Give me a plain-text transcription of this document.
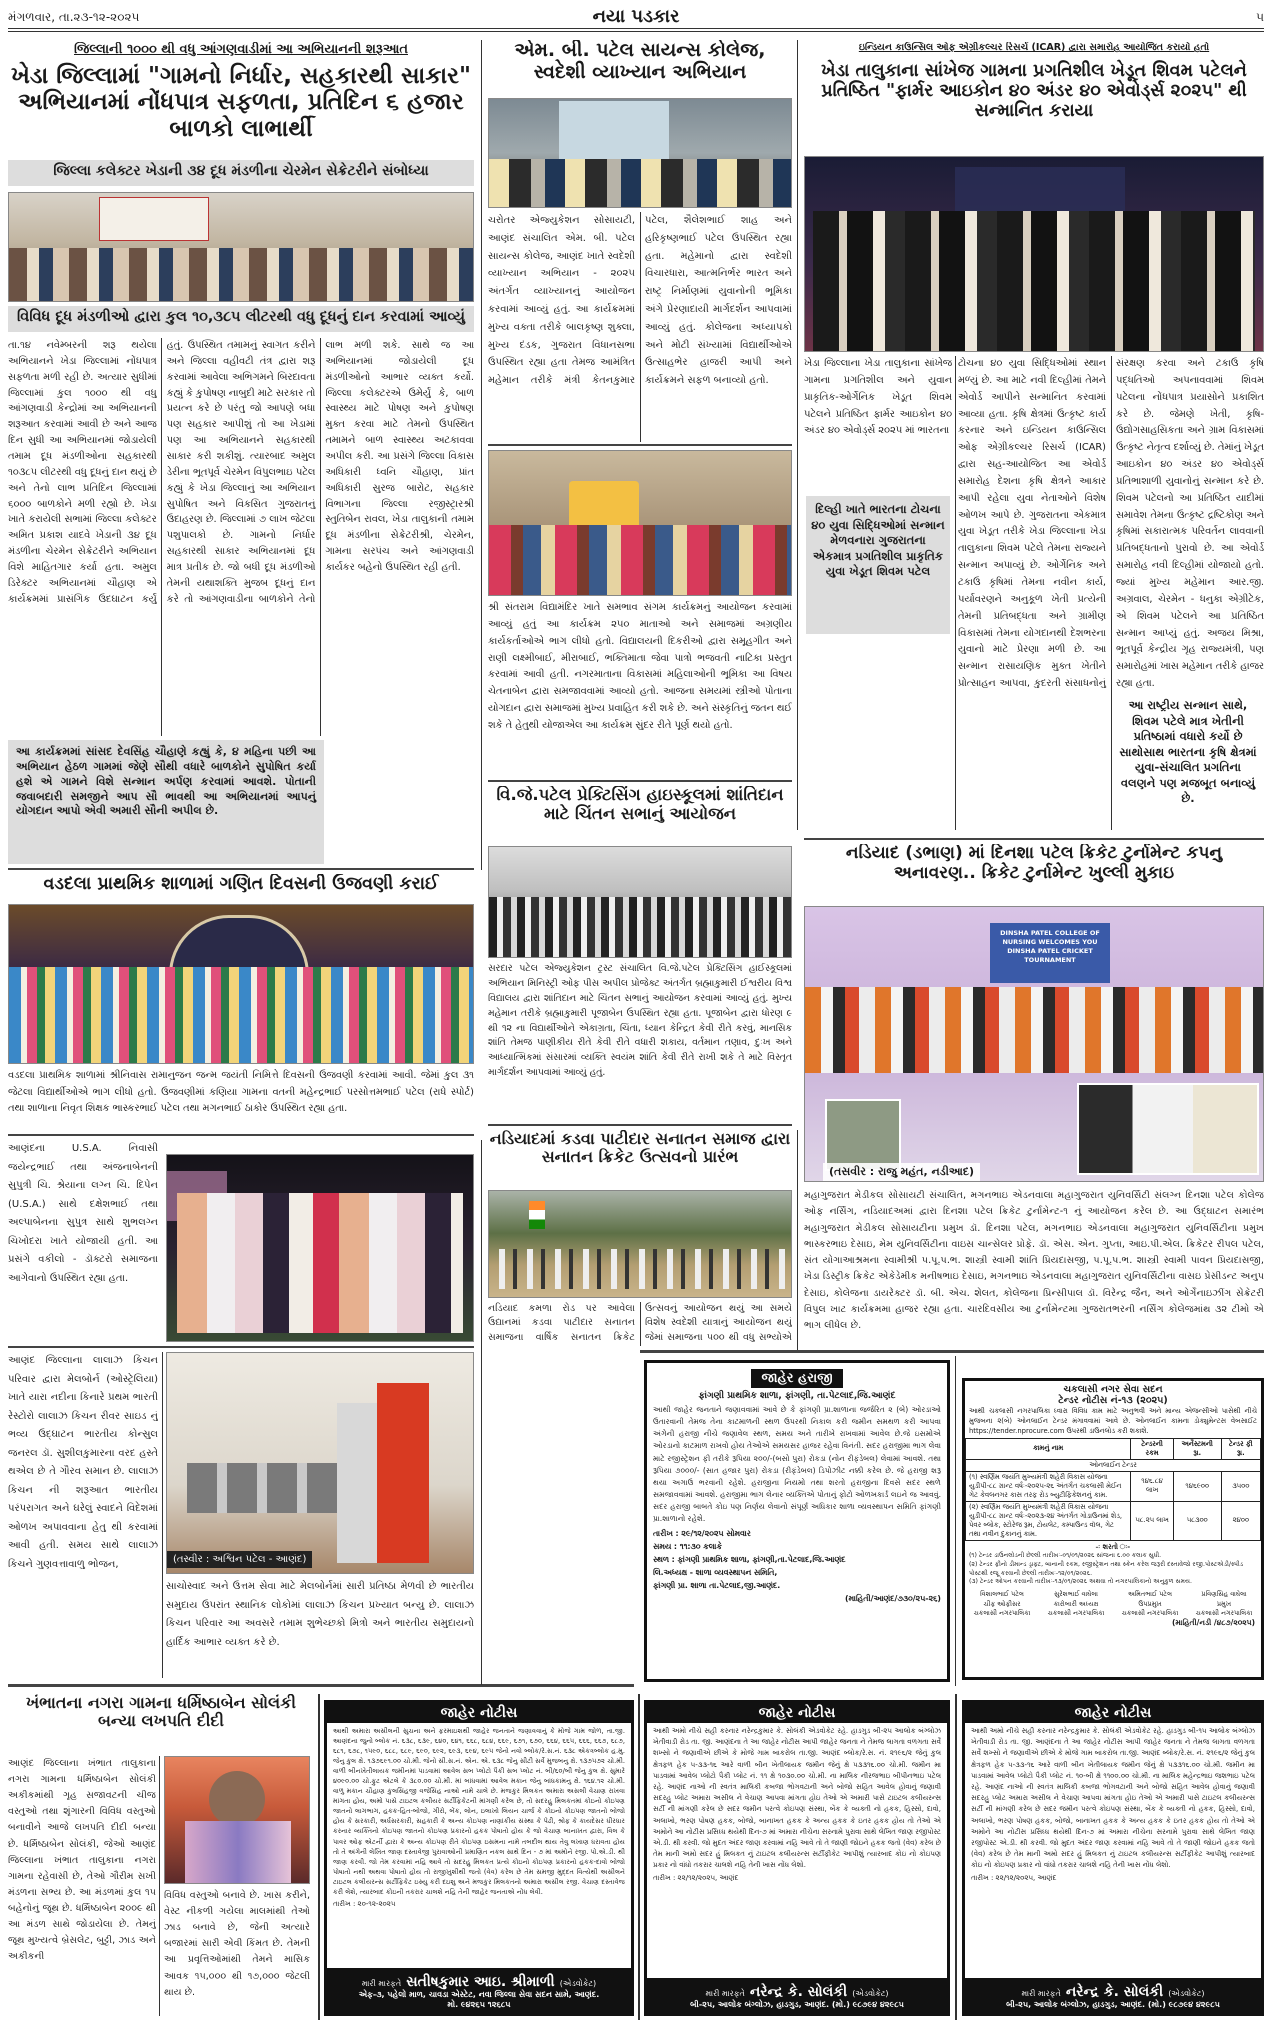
મંગળવાર, તા.૨૩-૧૨-૨૦૨૫	નયા પડકાર	૫
જિલ્લાની ૧૦૦૦ થી વધુ આંગણવાડીમાં આ અભિયાનની શરૂઆત
ખેડા જિલ્લામાં "ગામનો નિર્ધાર, સહકારથી સાકાર" અભિયાનમાં નોંધપાત્ર સફળતા, પ્રતિદિન ૬ હજાર બાળકો લાભાર્થી
જિલ્લા કલેક્ટર ખેડાની ૩૪ દૂધ મંડળીના ચેરમેન સેક્રેટરીને સંબોધ્યા
વિવિધ દૂધ મંડળીઓ દ્વારા કુલ ૧૦,૩૮૫ લીટરથી વધુ દૂધનું દાન કરવામાં આવ્યું
તા.૧૪ નવેમ્બરની શરૂ થયેલા અભિયાનને ખેડા જિલ્લામાં નોંધપાત્ર સફળતા મળી રહી છે. અત્યાર સુધીમાં જિલ્લામાં કુલ ૧૦૦૦ થી વધુ આંગણવાડી કેન્દ્રોમાં આ અભિયાનની શરૂઆત કરવામાં આવી છે અને આજ દિન સુધી આ અભિયાનમાં જોડાયેલી તમામ દૂધ મંડળીઓના સહકારથી ૧૦૩૮૫ લીટરથી વધુ દૂધનું દાન થયું છે અને તેનો લાભ પ્રતિદિન જિલ્લામાં ૬૦૦૦ બાળકોને મળી રહ્યો છે. ખેડા ખાતે કરાયેલી સભામાં જિલ્લા કલેક્ટર અમિત પ્રકાશ યાદવે ખેડાની ૩૪ દૂધ મંડળીના ચેરમેન સેક્રેટરીને અભિયાન વિશે માહિતગાર કર્યા હતા. અમુલ ડિરેક્ટર અભિયાનમાં ચૌહાણ એ કાર્યક્રમમાં પ્રાસંગિક ઉદઘાટન કર્યું હતું. ઉપસ્થિત તમામનું સ્વાગત કરીને અને જિલ્લા વહીવટી તંત્ર દ્વારા શરૂ કરવામાં આવેલા અભિગમને બિરદાવતા કહ્યું કે કુપોષણ નાબુદી માટે સરકાર તો પ્રયત્ન કરે છે પરંતુ જો આપણે બધા પણ સહકાર આપીશું તો આ ખેડામાં પણ આ અભિયાનને સહકારથી સાકાર કરી શકીશું. ત્યારબાદ અમુલ ડેરીના ભૂતપૂર્વ ચેરમેન વિપુલભાઇ પટેલ કહ્યું કે ખેડા જિલ્લાનું આ અભિયાન સુપોષિત અને વિકસિત ગુજરાતનું ઉદાહરણ છે. જિલ્લામાં ૭ લાખ જેટલા પશુપાલકો છે. ગામનો નિર્ધાર સહકારથી સાકાર અભિયાનમાં દૂધ માત્ર પ્રતીક છે. જો બધી દૂધ મંડળીઓ તેમની યથાશક્તિ મુજબ દૂધનું દાન કરે તો આંગણવાડીના બાળકોને તેનો લાભ મળી શકે. સાથે જ આ અભિયાનમાં જોડાયેલી દૂધ મંડળીઓનો આભાર વ્યક્ત કર્યો. જિલ્લા કલેક્ટરએ ઉમેર્યું કે, બાળ સ્વાસ્થ્ય માટે પોષણ અને કુપોષણ મુક્ત કરવા માટે તેમનો ઉપસ્થિત તમામને બાળ સ્વાસ્થ્ય અટકાવવા અપીલ કરી. આ પ્રસંગે જિલ્લા વિકાસ અધિકારી ધ્વનિ ચૌહાણ, પ્રાંત અધિકારી સુરજ બારોટ, સહકાર વિભાગના જિલ્લા રજીસ્ટ્રારશ્રી સ્તુતિબેન રાવલ, ખેડા તાલુકાની તમામ દૂધ મંડળીના સેક્રેટરીશ્રી, ચેરમેન, ગામના સરપંચ અને આંગણવાડી કાર્યકર બહેનો ઉપસ્થિત રહી હતી.
આ કાર્યક્રમમાં સાંસદ દેવસિંહ ચૌહાણે કહ્યું કે, ૪ મહિના પછી આ અભિયાન હેઠળ ગામમાં જેણે સૌથી વધારે બાળકોને સુપોષિત કર્યા હશે એ ગામને વિશે સન્માન અર્પણ કરવામાં આવશે. પોતાની જવાબદારી સમજીને આપ સૌ ભાવથી આ અભિયાનમાં આપનું યોગદાન આપો એવી અમારી સૌની અપીલ છે.
એમ. બી. પટેલ સાયન્સ કોલેજ, સ્વદેશી વ્યાખ્યાન અભિયાન
ચરોતર એજ્યુકેશન સોસાયટી, આણંદ સંચાલિત એમ. બી. પટેલ સાયન્સ કોલેજ, આણંદ ખાતે સ્વદેશી વ્યાખ્યાન અભિયાન - ૨૦૨૫ અંતર્ગત વ્યાખ્યાનનું આયોજન કરવામાં આવ્યું હતું. આ કાર્યક્રમમાં મુખ્ય વક્તા તરીકે બાલકૃષ્ણ શુક્લા, મુખ્ય દંડક, ગુજરાત વિધાનસભા ઉપસ્થિત રહ્યા હતા તેમજ આમંત્રિત મહેમાન તરીકે મંત્રી કેતનકુમાર પટેલ, શૈલેશભાઈ શાહ અને હરિકૃષ્ણભાઈ પટેલ ઉપસ્થિત રહ્યા હતા. મહેમાનો દ્વારા સ્વદેશી વિચારધારા, આત્મનિર્ભર ભારત અને રાષ્ટ્ર નિર્માણમાં યુવાનોની ભૂમિકા અંગે પ્રેરણાદાયી માર્ગદર્શન આપવામાં આવ્યું હતું. કોલેજના અધ્યાપકો અને મોટી સંખ્યામાં વિદ્યાર્થીઓએ ઉત્સાહભેર હાજરી આપી અને કાર્યક્રમને સફળ બનાવ્યો હતો.
શ્રી સંતરામ વિદ્યામંદિર ખાતે સમભાવ સંગમ કાર્યક્રમનું આયોજન કરવામાં આવ્યું હતું આ કાર્યક્રમ ૨૫૦ માતાઓ અને સમાજમાં અગ્રણીય કાર્યકર્તાઓએ ભાગ લીધો હતો. વિદ્યાલયની દિકરીઓ દ્વારા સમૂહગીત અને રાણી લક્ષ્મીબાઈ, મીરાબાઈ, ભક્તિમાતા જેવા પાત્રો ભજવતી નાટિકા પ્રસ્તુત કરવામાં આવી હતી. નગરમાતાના વિકાસમાં મહિલાઓની ભૂમિકા આ વિષય ચેતનાબેન દ્વારા સમજાવવામાં આવ્યો હતો. આજના સમયમાં સ્ત્રીઓ પોતાના યોગદાન દ્વારા સમાજમાં મુખ્ય પ્રવાહિત કરી શકે છે. અને સંસ્કૃતિનું જતન થઈ શકે તે હેતુથી યોજાએલ આ કાર્યક્રમ સુંદર રીતે પૂર્ણ થયો હતો.
વિ.જે.પટેલ પ્રેક્ટિસિંગ હાઇસ્કૂલમાં શાંતિદાન માટે ચિંતન સભાનું આયોજન
સરદાર પટેલ એજ્યુકેશન ટ્રસ્ટ સંચાલિત વિ.જે.પટેલ પ્રેક્ટિસિંગ હાઈસ્કૂલમાં અભિયાન મિનિસ્ટ્રી ઓફ પીસ અપીલ પ્રોજેક્ટ અંતર્ગત બ્રહ્માકુમારી ઈશ્વરીય વિશ્વ વિદ્યાલય દ્વારા શાંતિદાન માટે ચિંતન સભાનું આયોજન કરવામાં આવ્યું હતું. મુખ્ય મહેમાન તરીકે બ્રહ્માકુમારી પૂજાબેન ઉપસ્થિત રહ્યા હતા. પૂજાબેન દ્વારા ધોરણ ૯ થી ૧૨ ના વિદ્યાર્થીઓને એકાગ્રતા, ચિંતા, ધ્યાન કેન્દ્રિત કેવી રીતે કરવું, માનસિક શાંતિ તેમજ પાણીકીય રીતે કેવી રીતે વધારી શકાય, વર્તમાન તણાવ, દુઃખ અને આધ્યાત્મિકમાં સંસારમાં વ્યક્તિ સ્વયંમ શાંતિ કેવી રીતે રાખી શકે તે માટે વિસ્તૃત માર્ગદર્શન આપવામાં આવ્યું હતું.
નડિયાદમાં કડવા પાટીદાર સનાતન સમાજ દ્વારા સનાતન ક્રિકેટ ઉત્સવનો પ્રારંભ
નડિયાદ કમળા રોડ પર આવેલા ઉદ્યાનમાં કડવા પાટીદાર સનાતન સમાજના વાર્ષિક સનાતન ક્રિકેટ ઉત્સવનું આયોજન થયું આ સમયે વિશેષ સ્વદેશી યાત્રાનું આયોજન થયું જેમાં સમાજના ૫૦૦ થી વધુ સભ્યોએ
ઇન્ડિયન કાઉન્સિલ ઓફ એગ્રીકલ્ચર રિસર્ચ (ICAR) દ્વારા સમારોહ આયોજિત કરાયો હતો
ખેડા તાલુકાના સાંખેજ ગામના પ્રગતિશીલ ખેડૂત શિવમ પટેલને પ્રતિષ્ઠિત "ફાર્મર આઇકોન ૪૦ અંડર ૪૦ એવોર્ડ્સ ૨૦૨૫" થી સન્માનિત કરાયા
ખેડા જિલ્લાના ખેડા તાલુકાના સાંખેજ ગામના પ્રગતિશીલ અને યુવાન પ્રાકૃતિક-ઓર્ગેનિક ખેડૂત શિવમ પટેલને પ્રતિષ્ઠિત ફાર્મર આઇકોન ૪૦ અંડર ૪૦ એવોર્ડ્સ ૨૦૨૫ માં ભારતના
દિલ્હી ખાતે ભારતના ટોચના ૪૦ યુવા સિદ્ધિઓમાં સન્માન મેળવનારા ગુજરાતના એકમાત્ર પ્રગતિશીલ પ્રાકૃતિક યુવા ખેડૂત શિવમ પટેલ
ટોચના ૪૦ યુવા સિદ્ધિઓમાં સ્થાન મળ્યું છે. આ માટે નવી દિલ્હીમાં તેમને એવોર્ડ આપીને સન્માનિત કરવામાં આવ્યા હતા. કૃષિ ક્ષેત્રમાં ઉત્કૃષ્ટ કાર્ય કરનાર અને ઇન્ડિયન કાઉન્સિલ ઓફ એગ્રીકલ્ચર રિસર્ચ (ICAR) દ્વારા સહ-આયોજિત આ એવોર્ડ સમારોહ દેશના કૃષિ ક્ષેત્રને આકાર આપી રહેલા યુવા નેતાઓને વિશેષ ઓળખ આપે છે. ગુજરાતના એકમાત્ર યુવા ખેડૂત તરીકે ખેડા જિલ્લાના ખેડા તાલુકાના શિવમ પટેલે તેમના રાજ્યને સન્માન અપાવ્યું છે. ઓર્ગેનિક અને ટકાઉ કૃષિમાં તેમના નવીન કાર્ય, પર્યાવરણને અનુકૂળ ખેતી પ્રત્યેની તેમની પ્રતિબદ્ધતા અને ગ્રામીણ વિકાસમાં તેમના યોગદાનથી દેશભરના યુવાનો માટે પ્રેરણા મળી છે. આ સન્માન રાસાયણિક મુક્ત ખેતીને પ્રોત્સાહન આપવા, કુદરતી સંસાધનોનું સંરક્ષણ કરવા અને ટકાઉ કૃષિ પદ્ધતિઓ અપનાવવામાં શિવમ પટેલના નોંધપાત્ર પ્રયાસોને પ્રકાશિત કરે છે. જેમણે ખેતી, કૃષિ-ઉદ્યોગસાહસિકતા અને ગ્રામ વિકાસમાં ઉત્કૃષ્ટ નેતૃત્વ દર્શાવ્યું છે. તેમાંનું ખેડૂત આઇકોન ૪૦ અંડર ૪૦ એવોર્ડ્સ પ્રતિભાશાળી યુવાનોનું સન્માન કરે છે. શિવમ પટેલનો આ પ્રતિષ્ઠિત યાદીમાં સમાવેશ તેમના ઉત્કૃષ્ટ દ્રષ્ટિકોણ અને કૃષિમાં સકારાત્મક પરિવર્તન લાવવાની પ્રતિબદ્ધતાનો પુરાવો છે. આ એવોર્ડ સમારોહ નવી દિલ્હીમાં યોજાયો હતો. જ્યાં મુખ્ય મહેમાન આર.જી. અગ્રવાલ, ચેરમેન - ધનુકા એગ્રીટેક, એ શિવમ પટેલને આ પ્રતિષ્ઠિત સન્માન આપ્યું હતું. અજય મિશ્રા, ભૂતપૂર્વ કેન્દ્રીય ગૃહ રાજ્યમંત્રી, પણ સમારોહમાં ખાસ મહેમાન તરીકે હાજર રહ્યા હતા.
આ રાષ્ટ્રીય સન્માન સાથે, શિવમ પટેલે માત્ર ખેતીની પ્રતિષ્ઠામાં વધારો કર્યો છે સાથોસાથ ભારતના કૃષિ ક્ષેત્રમાં યુવા-સંચાલિત પ્રગતિના વલણને પણ મજબૂત બનાવ્યું છે.
નડિયાદ (ડભાણ) માં દિનશા પટેલ ક્રિકેટ ટુર્નામેન્ટ કપનુ અનાવરણ.. ક્રિકેટ ટુર્નામેન્ટ ખુલ્લી મુકાઇ
DINSHA PATEL COLLEGE OF NURSING WELCOMES YOU DINSHA PATEL CRICKET TOURNAMENT
(તસવીર : રાજુ મહંત, નડીઆદ)
મહાગુજરાત મેડીકલ સોસાયટી સંચાલિત, મગનભાઇ એડનવાલા મહાગુજરાત યુનિવર્સિટી સંલગ્ન દિનશા પટેલ કોલેજ ઓફ નર્સિંગ, નડિયાદઅમાં દ્વારા દિનશા પટેલ ક્રિકેટ ટુર્નામેન્ટ-૧ નું આયોજન કરેલ છે. આ ઉદ્ઘાટન સમારંભ મહાગુજરાત મેડીકલ સોસાયટીના પ્રમુખ ડૉ. દિનશા પટેલ, મગનભાઇ એડનવાલા મહાગુજરાત યુનિવર્સિટીના પ્રમુખ ભાસ્કરભાઇ દેસાઇ, મેમ યુનિવર્સિટીના વાઇસ ચાન્સેલર પ્રોફે. ડૉ. એસ. એન. ગુપ્તા, આઇ.પી.એલ. ક્રિકેટર રીપલ પટેલ, સંત યોગાઆશ્રમના સ્વામીશ્રી પ.પૂ.પ.ભ. શાસ્ત્રી સ્વામી શાંતિ પ્રિયદાસજી, પ.પૂ.પ.ભ. શાસ્ત્રી સ્વામી પાવન પ્રિયદાસજી, ખેડા ડિસ્ટ્રીક ક્રિકેટ એકેડેમીક મનીષભાઇ દેસાઇ, મગનભાઇ એડનવાલા મહાગુજરાત યુનિવર્સિટીના વાસઇ પ્રેસીડન્ટ અનુપ દેસાઇ, કોલેજના ડાયરેક્ટર ડૉ. બી. એચ. શેલત, કોલેજના પ્રિન્સીપાલ ડૉ. વિરેન્દ્ર જૈન, અને ઓર્ગેનાઇઝીંગ સેક્રેટરી વિપુલ ખાટ કાર્યક્રમમા હાજર રહ્યા હતા. ચારદિવસીય આ ટુર્નામેન્ટમા ગુજરાતભરની નર્સિંગ કોલેજમાંથ ૩૨ ટીમો એ ભાગ લીધેલ છે.
વડદલા પ્રાથમિક શાળામાં ગણિત દિવસની ઉજવણી કરાઈ
વડદલા પ્રાથમિક શાળામાં શ્રીનિવાસ રામાનુજન જન્મ જયંતી નિમિત્તે દિવસની ઉજવણી કરવામાં આવી. જેમાં કુલ ૩૧ જેટલા વિદ્યાર્થીઓએ ભાગ લીધો હતો. ઉજવણીમાં કણિયા ગામના વતની મહેન્દ્રભાઈ પરસોત્તમભાઈ પટેલ (રાધે સ્પોર્ટ) તથા શાળાના નિવૃત શિક્ષક ભાસ્કરભાઈ પટેલ તથા મગનભાઈ ઠાકોર ઉપસ્થિત રહ્યા હતા.
આણંદના U.S.A. નિવાસી જયેન્દ્રભાઈ તથા અંજનાબેનની સુપુત્રી ચિ. શ્રેયાના લગ્ન ચિ. દિપેન (U.S.A.) સાથે દક્ષેશભાઈ તથા અલ્પાબેનના સુપુત્ર સાથે શુભલગ્ન ચિખોદરા ખાતે યોજાયી હતી. આ પ્રસંગે વકીલો - ડૉક્ટરો સમાજના આગેવાનો ઉપસ્થિત રહ્યા હતા.
આણંદ જિલ્લાના લાલાઝ કિચન પરિવાર દ્વારા મેલબોર્ન (ઓસ્ટ્રેલિયા) ખાતે યારા નદીના કિનારે પ્રથમ ભારતી રેસ્ટોરો લાલાઝ કિચન રીવર સાઇડ નું ભવ્ય ઉદ્ઘાટન ભારતીય કોન્સુલ જનરલ ડૉ. સુશીલકુમારના વરદ હસ્તે થએલ છે તે ગૌરવ સમાન છે. લાલાઝ કિચન ની શરૂઆત ભારતીય પરંપરાગત અને ઘરેલું સ્વાદને વિદેશમાં ઓળખ અપાવવાના હેતુ થી કરવામાં આવી હતી. સમય સાથે લાલાઝ કિચને ગુણવત્તાવાળુ ભોજન,	(તસ્વીર : અશ્વિન પટેલ - આણંદ)
સાચોસ્વાદ અને ઉત્તમ સેવા માટે મેલબોર્નમાં સારી પ્રતિષ્ઠા મેળવી છે ભારતીય સમુદાય ઉપરાંત સ્થાનિક લોકોમાં લાલાઝ કિચન પ્રખ્યાત બન્યુ છે. લાલાઝ કિચન પરિવાર આ અવસરે તમામ શુભેચ્છકો મિત્રો અને ભારતીય સમુદાયનો હાર્દિક આભાર વ્યક્ત કરે છે.
જાહેર હરાજી
ફાંગણી પ્રાથમિક શાળા, ફાંગણી, તા.પેટલાદ,જિ.આણંદ
આથી જાહેર જનતાને જણાવવામાં આવે છે કે ફાંગણી પ્રા.શાળાના જર્જરિત ૨ (બે) ઓરડાઓ ઉતારવાની તેમજ તેના કાટમાળની સ્થળ ઉપરથી નિકાલ કરી જમીન સમથળ કરી આપવા અંગેની હરાજી નીચે જણાવેલ સ્થળ, સમય અને તારીખે રાખવામાં આવેલ છે.જે ઇસમોએ ઓરડાનો કાટમાળ રાખવો હોય તેઓએ સમયસર હાજર રહેવા વિનંતી. સદર હરાજીમા ભાગ લેવા માટે રજીસ્ટ્રેશન ફી તરીકે રૂપિયા ૨૦૦/-(બસો પુરા) રોકડા (નોન રીફંડેબલ) લેવામાં આવશે. તથા રૂપિયા ૭૦૦૦/- (સાત હજાર પુરા) રોકડા (રીફંડેબલ) ડિપોઝીટ નક્કી કરેલ છે. જે હરાજી શરૂ થયા અગાઉ ભરવાની રહેશે. હરાજીના નિયમો તથા શરતો હરાજીના દિવસે સદર સ્થળે સમજાવવામાં આવશે. હરાજીમા ભાગ લેનાર વ્યક્તિએ પોતાનું ફોટો ઓળખકાર્ડ લઇને જ આવવું. સદર હરાજી બાબતે કોઇ પણ નિર્ણય લેવાનો સંપૂર્ણ અધિકાર શાળા વ્યવસ્થાપન સમિતિ ફાંગણી પ્રા.શાળાનો રહેશે.
તારીખ : ૨૯/૧૨/૨૦૨૫ સોમવાર
સમય : ૧૧:૩૦ કલાકે
સ્થળ : ફાંગણી પ્રાથમિક શાળા, ફાંગણી,તા.પેટલાદ,જિ.આણંદ
લિ.અધ્યક્ષ - શાળા વ્યવસ્થાપન સમિતિ,
ફાંગણી પ્રા. શાળા તા.પેટલાદ,જી.આણંદ.
(માહિતી/આણંદ/૭૩૦/૨૫-૨૬)
ચકલાસી નગર સેવા સદન
ટેન્ડર નોટીસ નં-૧૩ (૨૦૨૫)
આથી ચકલાસી નગરપાલિકા ધ્વારા વિવિધ કામ માટે અનુભવી અને માન્ય એજન્સીઓ પાસેથી નીચે મુજબના ૨(બે) ઓનલાઈન ટેન્ડર મંગાવવામાં આવે છે. ઓનલાઈન કામના ડોક્યુમેન્ટસ વેબસાઈટ https://tender.nprocure.com ઉપરથી ડાઉનલોડ કરી શકાશે.
કામનું નામ	ટેન્ડરની રકમ	અર્નેસ્ટમની રૂા.	ટેન્ડર ફી રૂા.
ઓનલાઈન ટેન્ડર			
(૧) સ્વર્ણિમ જયંતિ મુખ્યમંત્રી શહેરી વિકાસ યોજના યુડીપી-૮૮ ગ્રાન્ટ વર્ષઃ-૨૦૨૫-૨૬ અંતર્ગત ચકલાસી મેઈન ગેટ કેવલનગર કાસ તરફ રોડ બ્યુટીફિકેશનનું કામ.	૧૪૬.૮૪ લાખ	૧૪૬૯૦૦	૩૫૦૦
(૨) સ્વર્ણિમ જયંતિ મુખ્યમંત્રી શહેરી વિકાસ યોજના યુડીપી-૮૮ ગ્રાન્ટ વર્ષઃ-૨૦૨૩-૨૪ અંતર્ગત ગોડાઉનમાં શેડ, પેવર બ્લોક, સ્ટોરેજ રૂમ, ટોયલેટ, કમ્પાઉન્ડ વૉલ, ગેટ તથા નવીન દુકાનનું કામ.	૫૮.૨૫ લાખ	૫૮૩૦૦	૨૪૦૦
-ઃ શરતો ઃ-
(૧) ટેન્ડર ડાઉનલોડની છેલ્લી તારીખઃ-૦૧/૦૧/૨૦૨૬ સાંજના ૬.૦૦ કલાક સુધી.
(૨) ટેન્ડર ફીનો ડીમાન્ડ ડ્રાફ્ટ, બાનાની રકમ, રજીસ્ટ્રેશન તથા સ્કેન કરેલ જરૂરી દસ્તાવેજો રજી.પોસ્ટએડી/સ્પીડ પોસ્ટથી રજૂ કરવાની છેલ્લી તારીખઃ-૧૨/૦૧/૨૦૨૬.
(૩) ટેન્ડર ઓપન કરવાની તારીખઃ-૧૩/૦૧/૨૦૨૬ અથવા તો નગરપાલિકાનો અનુકુળ સમય.
વિશાલભાઈ પટેલ
ચીફ ઓફીસર
ચકલાસી નગરપાલિકા
સુરેશભાઈ વાઘેલા
કારોબારી અધ્યક્ષ
ચકલાસી નગરપાલિકા
અમિતભાઈ પટેલ
ઉપપ્રમુખ
ચકલાસી નગરપાલિકા
પ્રવિણસિંહ વાઘેલા
પ્રમુખ
ચકલાસી નગરપાલિકા
(માહિતી/નડી /૪૮૭/૨૦૨૫)
ખંભાતના નગરા ગામના ધર્મિષ્ઠાબેન સોલંકી બન્યા લખપતિ દીદી
આણંદ જિલ્લાના ખંભાત તાલુકાના નગરા ગામના ધર્મિષ્ઠાબેન સોલંકી અકીકમાંથી ગૃહ સજાવટની ચીજ વસ્તુઓ તથા શૃંગારની વિવિધ વસ્તુઓ બનાવીને આજે લખપતિ દીદી બન્યા છે. ધર્મિષ્ઠાબેન સોલંકી, જેઓ આણંદ જિલ્લાના ખંભાત તાલુકાના નગરા ગામના રહેવાસી છે, તેઓ ગૌરીમ સખી મંડળના સભ્ય છે. આ મંડળમાં કુલ ૧૫ બહેનોનું જૂથ છે. ધર્મિષ્ઠાબેન ૨૦૦૯ થી આ મંડળ સાથે જોડાયેલા છે. તેમનું જૂથ મુખ્યત્વે બ્રેસલેટ, બુટ્ટી, ઝાડ અને અકીકની
વિવિધ વસ્તુઓ બનાવે છે. ખાસ કરીને, વેસ્ટ નીકળી ગયેલા માલમાંથી તેઓ ઝાડ બનાવે છે, જેની અત્યારે બજારમાં સારી એવી કિંમત છે. તેમની આ પ્રવૃત્તિઓમાંથી તેમને માસિક આવક ૧૫,૦૦૦ થી ૧૭,૦૦૦ જેટલી થાય છે.
જાહેર નોટીસ
આથી અમારા અસીલની સુચના અને ફરમાઇશથી જાહેર જનતાને જણાવવાનું કે મોજે ગામ જોળ, તા.જી. આણંદના જુનો બ્લોક નં. ૬૩૮, ૬૩૯, ૬૪૦, ૬૪૧, ૬૬૮, ૬૮૪, ૬૬૯, ૬૭૧, ૬૭૦, ૬૬૪, ૬૬૫, ૬૬૬, ૬૬૭, ૬૮૭, ૬૮૧, ૬૭૮, ૧૫૯૦, ૬૮૮, ૬૮૯, ૬૯૦, ૬૯૨, ૬૯૩, ૬૯૪, ૬૯૫ જેનો નવો બ્લોક/રે.સ.નં. ૬૩૮ એકત્રબ્લોક હ.મુ. જેનુ કુલ ક્ષે. ૧૩૭૬૯૧.૦૦ ચો.મી. જેનો સી.સ.નં. એન. એ. ૬૩૮ જેનુ સીટી સર્વે મુજબનુ ક્ષે. ૧૩૭૫૭૨ ચો.મી. વાળી બીનખેતીલાયક જમીનમાં પાડવામાં આવેલ સબ પ્લોટો પૈકી સબ પ્લોટ નં. બી/૬૦/બી જેનુ કુલ ક્ષે. સુમારે ૪૦૯૦.૦૦ ચો.ફુટ એટલે કે ૩૮૦.૦૦ ચો.મી. માં બાંધવામાં આવેલ મકાન જેનુ બાંધકામનુ ક્ષે. ૧૬૪.૧૨ ચો.મી. વાળુ મકાન ચૌહાણ કુલસિંહજી વજેસિંહ નાઓ નામે ચાલે છે. મજકુર મિલકત અમારા અસલી વેચાણ રાખવા માંગતા હોય, અમો પાસે ટાઇટલ કલીયર સર્ટીફિકેટની માંગણી કરેલ છે, તો સદરહુ મિલકતમાં કોઇનો કોઇપણ જાતનો લાગભાગ, હકક-હિત-બોજો, ગીરો, બેંક, લોન, ઇલાખો લિયન ચાર્જ કે કોઇનો કોઇપણ જાતનો બોજો હોય કે સરકારી, અર્ધસરકારી, સહકારી કે અન્ય કોઇપણ નાણાંકીય સંસ્થા કે પેઢી, શ્રોફ કે કાયદેસર ધીરધાર કરનાર વ્યક્તિનો કોઇપણ જાતનો કોઇપણ પ્રકારનો હકક પોષાતો હોય કે જો વેચાણ બાનાખત દ્વારા, વિલ કે પાવર ઓફ એટર્ની દ્વારા કે અન્ય કોઇપણ રીતે કોઇપણ ઇસમના નામે તબદીલ થાય તેવુ લખાણ ધરાવતા હોય તો તે અંગેની લેખિત જાણ દસ્તાવેજી પુરાવાઓની પ્રમાણિત નકલ સાથે દિન - ૭ માં અમોને રજી. પો.એ.ડી. થી જાણ કરવી. જો તેમ કરવામાં નહિ આવે તો સદરહુ મિલકત પ્રત્યે કોઇનો કોઇપણ પ્રકારનો હકક-દાવો બોજો પોષાતો નથી અથવા પોષાતો હોય તો રાજીખુશીથી જતો (વેવ) કરેલ છે તેમ સમજી મુદ્દત વિત્યેથી અસીલને ટાઇટલ કલીયરન્સ સર્ટીફિકેટ ઇસ્યુ કરી દઇશુ અને મજકુર મિલકતનો અમારા અસીલ રજી. વેચાણ દસ્તાવેજ કરી લેશે, ત્યારબાદ કોઇની તકરાર ચાલશે નહિ તેની જાહેર જનતાએ નોંધ લેવી.
તારીખ : ૨૦-૧૨-૨૦૨૫
મારી મારફતે સતીષકુમાર આઇ. શ્રીમાળી (એડવોકેટ)
એફ-૩, પહેલો માળ, ચાવડા એસ્ટેટ, નવા જિલ્લા સેવા સદન સામે, આણંદ.
મો. ૯૪૨૬૫ ૧૨૬૮૫
જાહેર નોટીસ
આથી અમો નીચે સહી કરનાર નરેન્દ્રકુમાર કે. સોલંકી એડવોકેટ રહે. હાડગુડ બી-૨૫ આલોક બંગ્લોઝ ખેતીવાડી રોડ તા. જી. આણંદના તે આ જાહેર નોટીસ આપી જાહેર જનતા ને તેમજ લાગતા વળગતા સર્વે શખ્સો ને જણાવીએ છીએ કે મોજે ગામ બાકરોલ તા.જી. આણંદ બ્લોક/રે.સ. નં. ૨૧૯૬/૨ જેનું કુલ ક્ષેત્રફળ હેક ૫-૩૩-૧૬ આરે વાળી બીન ખેતીલાયક જમીન જેનું ક્ષે ૫૩૩૧૬.૦૦ ચો.મી. જમીન મા પાડવામાં આવેલ પ્લોટો પૈકી પ્લોટ નં. ૧૧ ક્ષે ૧૦૩૦.૦૦ ચો.મી. ના માલિક નીરજભાઇ બીપીનભાઇ પટેલ રહે. આણંદ નાઓ ની સ્વતંત્ર માલિકી કબજા ભોગવટાની અને બોજો સહિત આવેલ હોવાનું જણાવી સદરહુ પ્લોટ અમારા અસીલ ને વેચાણ આપવા માંગતા હોઇ તેઓ એ અમારી પાસે ટાઇટલ કલીયરન્સ સર્ટી ની માંગણી કરેલ છે સદર જમીન પરત્વે કોઇપણ સંસ્થા, બેંક કે વ્યક્તી નો હકક, હિસ્સો, દાવો, અલાખો, ભરણ પોષણ હકક, બોજો, બાનાખત હકક કે અન્ય હકક કે ઇતર હકક હોય તો તેઓ એ અમોને આ નોટીસ પ્રસિધ્ધ થયેથી દિન-૭ માં અમારા નીચેના સરનામે પુરાવા સાથે લેખિત જાણ રજીપોસ્ટ એ.ડી. થી કરવી. જો મુદત અંદર જાણ કરવામાં નહિ આવે તો તે જાણી જોઇને હકક જતો (વેવ) કરેલ છે તેમ માની અમો સદર હું મિલકત નું ટાઇટલ કલીયરન્સ સર્ટીફીકેટ આપીશું ત્યારબાદ કોઇ નો કોઇપણ પ્રકાર નો વાંધો તકરાર ચાલશે નહિ તેની ખાસ નોંધ લેશો.
તારીખ : ૨૨/૧૨/૨૦૨૫, આણંદ
મારી મારફતે નરેન્દ્ર કે. સોલંકી (એડવોકેટ)
બી-૨૫, આલોક બંગ્લોઝ, હાડગુડ, આણંદ. (મો.) ૯૮૭૯૪ ૪૨૯૮૫
જાહેર નોટીસ
આથી અમો નીચે સહી કરનાર નરેન્દ્રકુમાર કે. સોલંકી એડવોકેટ રહે. હાડગુડ બી-૧૫ આલોક બંગ્લોઝ ખેતીવાડી રોડ તા. જી. આણંદના તે આ જાહેર નોટીસ આપી જાહેર જનતા ને તેમજ લાગતા વળગતા સર્વે શખ્સો ને જણાવીએ છીએ કે મોજે ગામ બાકરોલ તા.જી. આણંદ બ્લોક/રે.સ. નં. ૨૧૯૬/૨ જેનું કુલ ક્ષેત્રફળ હેક ૫-૩૩-૧૬ આરે વાળી બીન ખેતીલાયક જમીન જેનું ક્ષે ૫૩૩૧૬.૦૦ ચો.મી. જમીન મા પાડવામાં આવેલ પ્લોટો પૈકી પ્લોટ નં. ૧૦-બી ક્ષે ૧૧૦૦.૦૦ ચો.મી. ના માલિક મહેન્દ્રભાઇ જશભાઇ પટેલ રહે. આણંદ નાઓ ની સ્વતંત્ર માલિકી કબજા ભોગવટાની અને બોજો સહિત આવેલ હોવાનું જણાવી સદરહુ પ્લોટ અમારા અસીલ ને વેચાણ આપવા માંગતા હોઇ તેઓ એ અમારી પાસે ટાઇટલ કલીયરન્સ સર્ટી ની માંગણી કરેલ છે સદર જમીન પરત્વે કોઇપણ સંસ્થા, બેંક કે વ્યક્તી નો હકક, હિસ્સો, દાવો, અલાખો, ભરણ પોષણ હકક, બોજો, બાનાખત હકક કે અન્ય હકક કે ઇતર હકક હોય તો તેઓ એ અમોને આ નોટીસ પ્રસિધ્ધ થયેથી દિન-૭ માં અમારા નીચેના સરનામે પુરાવા સાથે લેખિત જાણ રજીપોસ્ટ એ.ડી. થી કરવી. જો મુદત અંદર જાણ કરવામાં નહિ આવે તો તે જાણી જોઇને હકક જતો (વેવ) કરેલ છે તેમ માની અમો સદર હું મિલકત નું ટાઇટલ કલીયરન્સ સર્ટીફીકેટ આપીશું ત્યારબાદ કોઇ નો કોઇપણ પ્રકાર નો વાંધો તકરાર ચાલશે નહિ તેની ખાસ નોંધ લેશો.
તારીખ : ૨૨/૧૨/૨૦૨૫, આણંદ
મારી મારફતે નરેન્દ્ર કે. સોલંકી (એડવોકેટ)
બી-૨૫, આલોક બંગ્લોઝ, હાડગુડ, આણંદ. (મો.) ૯૮૭૯૪ ૪૨૯૮૫
